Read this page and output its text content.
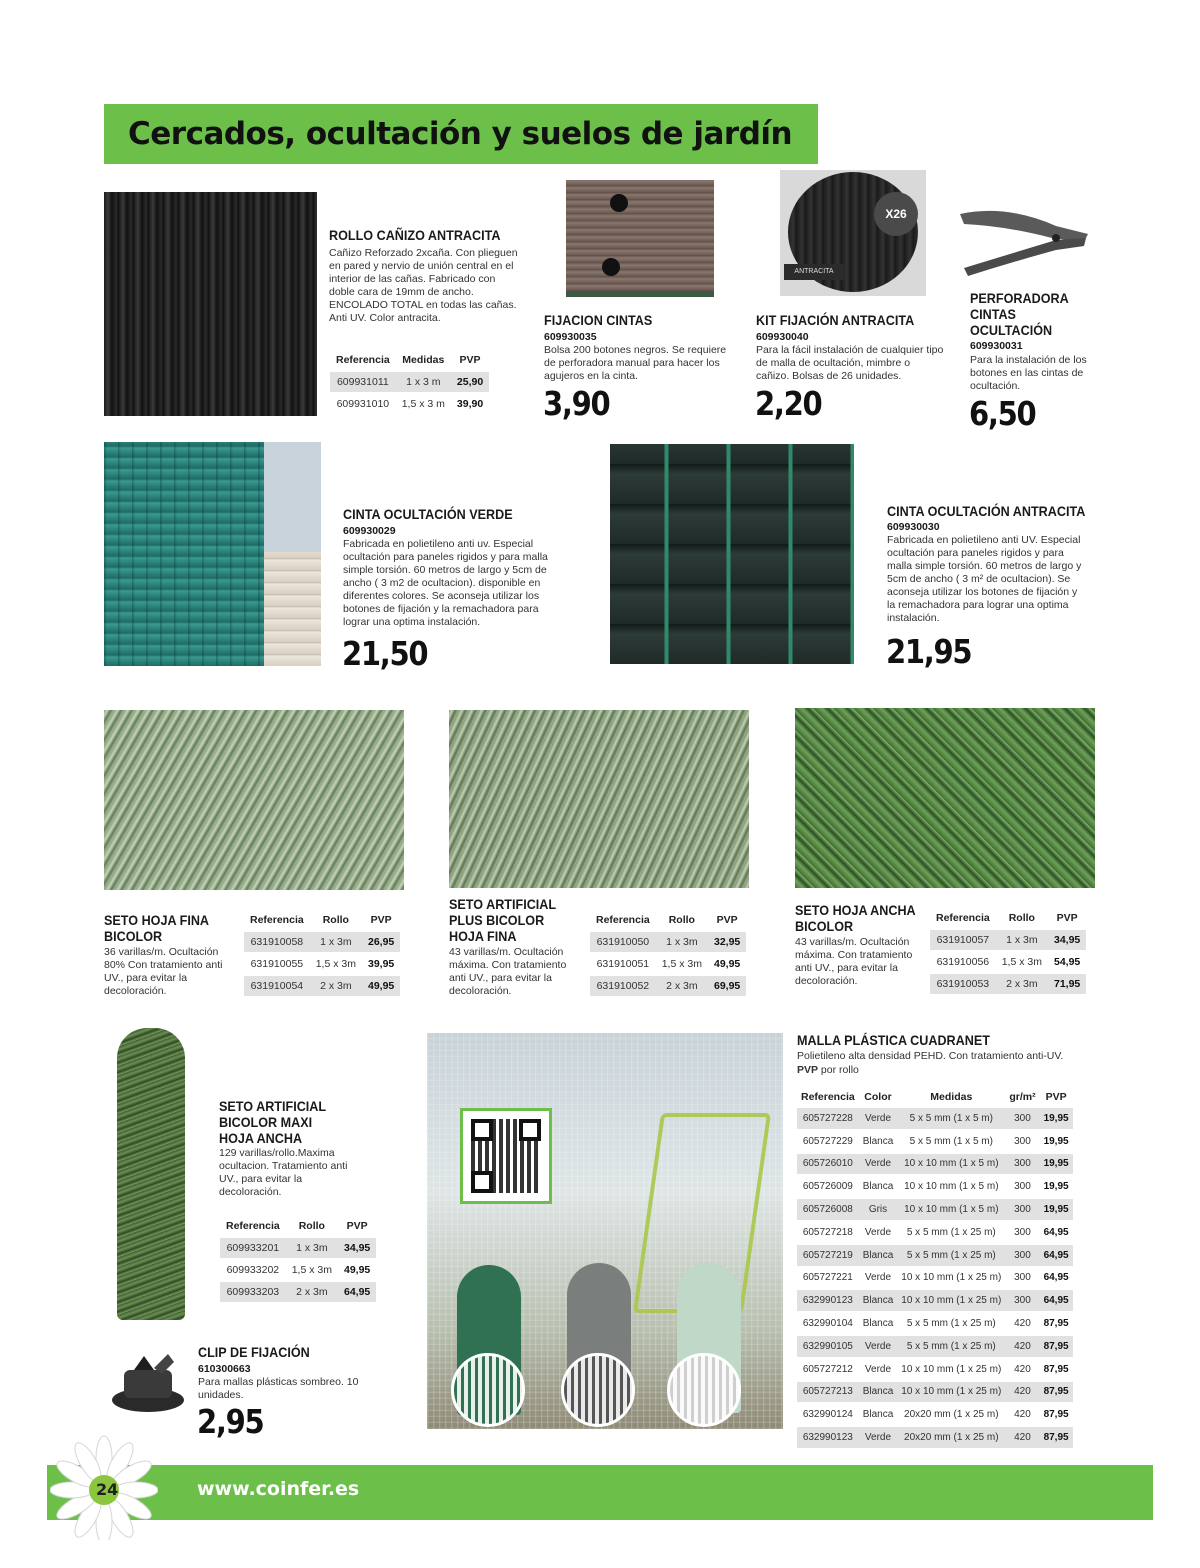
Cercados, ocultación y suelos de jardín
ROLLO CAÑIZO ANTRACITA
Cañizo Reforzado 2xcaña. Con plieguen en pared y nervio de unión central en el interior de las cañas. Fabricado con doble cara de 19mm de ancho. ENCOLADO TOTAL en todas las cañas. Anti UV. Color antracita.
Referencia	Medidas	PVP
609931011	1 x 3 m	25,90
609931010	1,5 x 3 m	39,90
FIJACION CINTAS
609930035
Bolsa 200 botones negros. Se requiere de perforadora manual para hacer los agujeros en la cinta.
3,90
X26
ANTRACITA
KIT FIJACIÓN ANTRACITA
609930040
Para la fácil instalación de cualquier tipo de malla de ocultación, mimbre o cañizo. Bolsas de 26 unidades.
2,20
PERFORADORA
CINTAS
OCULTACIÓN
609930031
Para la instalación de los botones en las cintas de ocultación.
6,50
CINTA OCULTACIÓN VERDE
609930029
Fabricada en polietileno anti uv. Especial ocultación para paneles rigidos y para malla simple torsión. 60 metros de largo y 5cm de ancho ( 3 m2 de ocultacion). disponible en diferentes colores. Se aconseja utilizar los botones de fijación y la remachadora para lograr una optima instalación.
21,50
CINTA OCULTACIÓN ANTRACITA
609930030
Fabricada en polietileno anti UV. Especial ocultación para paneles rigidos y para malla simple torsión. 60 metros de largo y 5cm de ancho ( 3 m² de ocultacion). Se aconseja utilizar los botones de fijación y la remachadora para lograr una optima instalación.
21,95
SETO HOJA FINA
BICOLOR
36 varillas/m. Ocultación 80% Con tratamiento anti UV., para evitar la decoloración.
Referencia	Rollo	PVP
631910058	1 x 3m	26,95
631910055	1,5 x 3m	39,95
631910054	2 x 3m	49,95
SETO ARTIFICIAL
PLUS BICOLOR
HOJA FINA
43 varillas/m. Ocultación máxima. Con tratamiento anti UV., para evitar la decoloración.
Referencia	Rollo	PVP
631910050	1 x 3m	32,95
631910051	1,5 x 3m	49,95
631910052	2 x 3m	69,95
SETO HOJA ANCHA
BICOLOR
43 varillas/m. Ocultación máxima. Con tratamiento anti UV., para evitar la decoloración.
Referencia	Rollo	PVP
631910057	1 x 3m	34,95
631910056	1,5 x 3m	54,95
631910053	2 x 3m	71,95
SETO ARTIFICIAL
BICOLOR MAXI
HOJA ANCHA
129 varillas/rollo.Maxima ocultacion. Tratamiento anti UV., para evitar la decoloración.
Referencia	Rollo	PVP
609933201	1 x 3m	34,95
609933202	1,5 x 3m	49,95
609933203	2 x 3m	64,95
CLIP DE FIJACIÓN
610300663
Para mallas plásticas sombreo. 10 unidades.
2,95
MALLA PLÁSTICA CUADRANET
Polietileno alta densidad PEHD. Con tratamiento anti-UV.
PVP por rollo
Referencia	Color	Medidas	gr/m²	PVP
605727228	Verde	5 x 5 mm (1 x 5 m)	300	19,95
605727229	Blanca	5 x 5 mm (1 x 5 m)	300	19,95
605726010	Verde	10 x 10 mm (1 x 5 m)	300	19,95
605726009	Blanca	10 x 10 mm (1 x 5 m)	300	19,95
605726008	Gris	10 x 10 mm (1 x 5 m)	300	19,95
605727218	Verde	5 x 5 mm (1 x 25 m)	300	64,95
605727219	Blanca	5 x 5 mm (1 x 25 m)	300	64,95
605727221	Verde	10 x 10 mm (1 x 25 m)	300	64,95
632990123	Blanca	10 x 10 mm (1 x 25 m)	300	64,95
632990104	Blanca	5 x 5 mm (1 x 25 m)	420	87,95
632990105	Verde	5 x 5 mm (1 x 25 m)	420	87,95
605727212	Verde	10 x 10 mm (1 x 25 m)	420	87,95
605727213	Blanca	10 x 10 mm (1 x 25 m)	420	87,95
632990124	Blanca	20x20 mm (1 x 25 m)	420	87,95
632990123	Verde	20x20 mm (1 x 25 m)	420	87,95
24	www.coinfer.es
